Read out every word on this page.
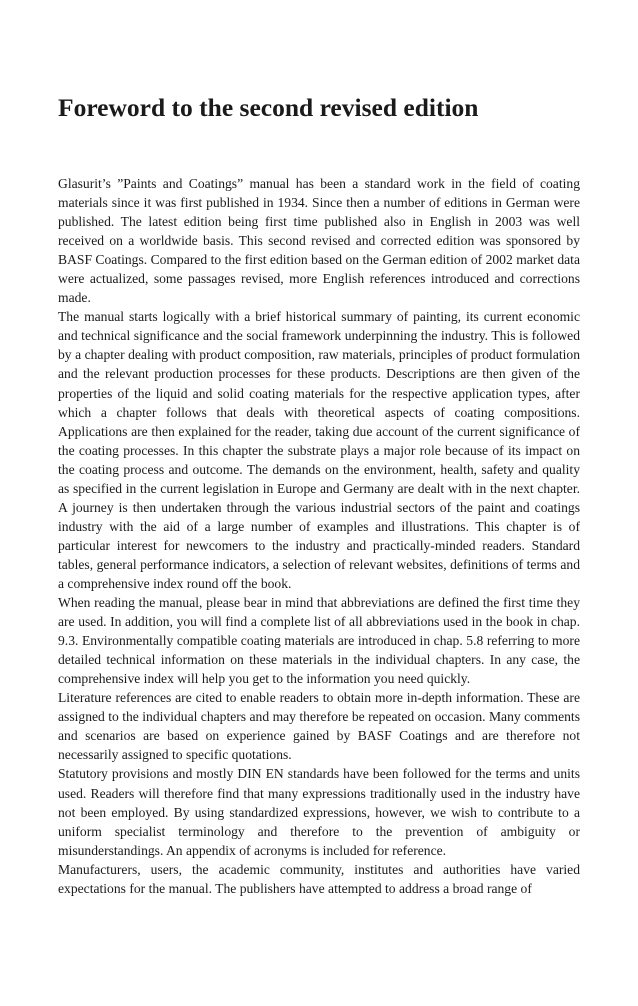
Foreword to the second revised edition

Glasurit’s ”Paints and Coatings” manual has been a standard work in the field of coating materials since it was first published in 1934. Since then a number of editions in German were published. The latest edition being first time published also in English in 2003 was well received on a worldwide basis. This second revised and corrected edition was sponsored by BASF Coatings. Compared to the first edition based on the German edition of 2002 market data were actualized, some passages revised, more English references introduced and corrections made.

The manual starts logically with a brief historical summary of painting, its current economic and technical significance and the social framework underpinning the industry. This is followed by a chapter dealing with product composition, raw materials, principles of product formulation and the relevant production processes for these products. Descriptions are then given of the properties of the liquid and solid coating materials for the respective application types, after which a chapter follows that deals with theoretical aspects of coating compositions. Applications are then explained for the reader, taking due account of the current significance of the coating processes. In this chapter the substrate plays a major role because of its impact on the coating process and outcome. The demands on the environment, health, safety and quality as specified in the current legislation in Europe and Germany are dealt with in the next chapter. A journey is then undertaken through the various industrial sectors of the paint and coatings industry with the aid of a large number of examples and illustrations. This chapter is of particular interest for newcomers to the industry and practically-minded readers. Standard tables, general performance indicators, a selection of relevant websites, definitions of terms and a comprehensive index round off the book.

When reading the manual, please bear in mind that abbreviations are defined the first time they are used. In addition, you will find a complete list of all abbreviations used in the book in chap. 9.3. Environmentally compatible coating materials are introduced in chap. 5.8 referring to more detailed technical information on these materials in the individual chapters. In any case, the comprehensive index will help you get to the information you need quickly.

Literature references are cited to enable readers to obtain more in-depth information. These are assigned to the individual chapters and may therefore be repeated on occasion. Many comments and scenarios are based on experience gained by BASF Coatings and are therefore not necessarily assigned to specific quotations.

Statutory provisions and mostly DIN EN standards have been followed for the terms and units used. Readers will therefore find that many expressions traditionally used in the industry have not been employed. By using standardized expressions, however, we wish to contribute to a uniform specialist terminology and therefore to the prevention of ambiguity or misunderstandings. An appendix of acronyms is included for reference.

Manufacturers, users, the academic community, institutes and authorities have varied expectations for the manual. The publishers have attempted to address a broad range of
